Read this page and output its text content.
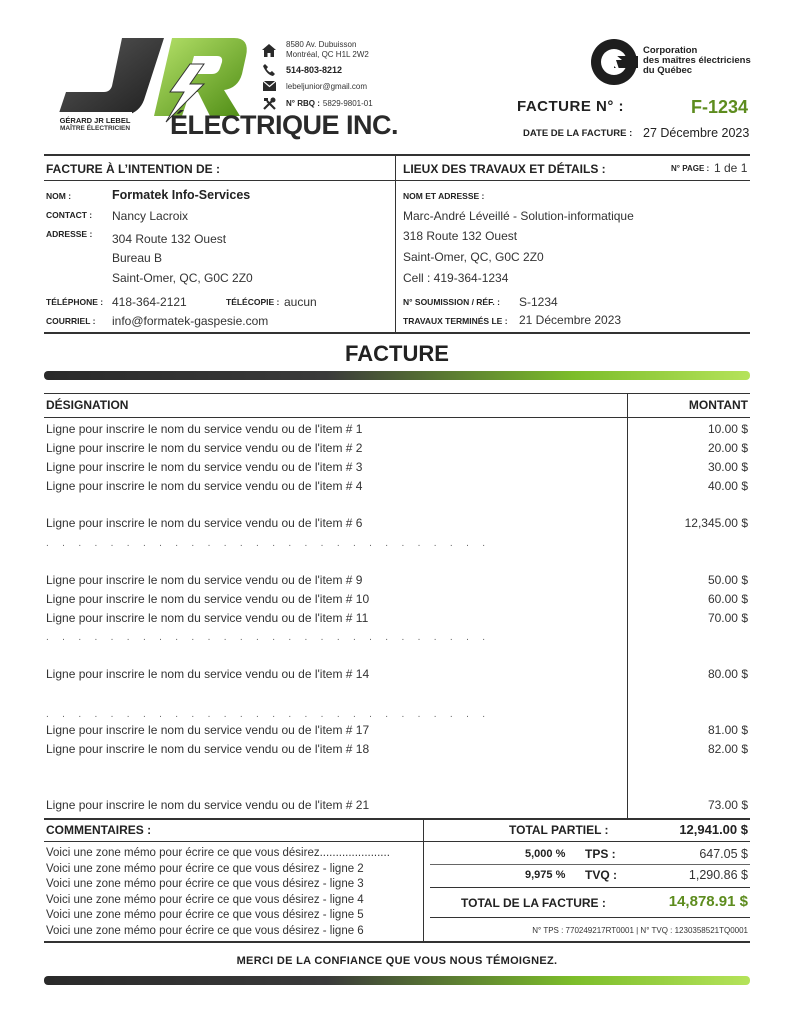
GÉRARD JR LEBEL
MAÎTRE ÉLECTRICIEN	ÉLECTRIQUE INC.
8580 Av. Dubuisson
Montréal, QC H1L 2W2
514-803-8212
lebeljunior@gmail.com
N° RBQ : 5829-9801-01
Corporation
des maîtres électriciens
du Québec
FACTURE N° :	F-1234
DATE DE LA FACTURE : 27 Décembre 2023
FACTURE À L’INTENTION DE :	LIEUX DES TRAVAUX ET DÉTAILS :	N° PAGE : 1 de 1
NOM :	Formatek Info-Services
CONTACT : Nancy Lacroix
ADRESSE : 304 Route 132 Ouest
Bureau B
Saint-Omer, QC, G0C 2Z0
TÉLÉPHONE : 418-364-2121	TÉLÉCOPIE : aucun
COURRIEL : info@formatek-gaspesie.com
NOM ET ADRESSE :
Marc-André Léveillé - Solution-informatique
318 Route 132 Ouest
Saint-Omer, QC, G0C 2Z0
Cell : 419-364-1234
N° SOUMISSION / RÉF. : S-1234
TRAVAUX TERMINÉS LE : 21 Décembre 2023
FACTURE
DÉSIGNATION	MONTANT
Ligne pour inscrire le nom du service vendu ou de l'item # 1	10.00 $
Ligne pour inscrire le nom du service vendu ou de l'item # 2	20.00 $
Ligne pour inscrire le nom du service vendu ou de l'item # 3	30.00 $
Ligne pour inscrire le nom du service vendu ou de l'item # 4	40.00 $
Ligne pour inscrire le nom du service vendu ou de l'item # 6	12,345.00 $
. . . . . . . . . . . . . . . . . . . . . . . . . . . .
Ligne pour inscrire le nom du service vendu ou de l'item # 9	50.00 $
Ligne pour inscrire le nom du service vendu ou de l'item # 10	60.00 $
Ligne pour inscrire le nom du service vendu ou de l'item # 11	70.00 $
. . . . . . . . . . . . . . . . . . . . . . . . . . . .
Ligne pour inscrire le nom du service vendu ou de l'item # 14	80.00 $
. . . . . . . . . . . . . . . . . . . . . . . . . . . .
Ligne pour inscrire le nom du service vendu ou de l'item # 17	81.00 $
Ligne pour inscrire le nom du service vendu ou de l'item # 18	82.00 $
Ligne pour inscrire le nom du service vendu ou de l'item # 21	73.00 $
COMMENTAIRES :
Voici une zone mémo pour écrire ce que vous désirez......................
Voici une zone mémo pour écrire ce que vous désirez - ligne 2
Voici une zone mémo pour écrire ce que vous désirez - ligne 3
Voici une zone mémo pour écrire ce que vous désirez - ligne 4
Voici une zone mémo pour écrire ce que vous désirez - ligne 5
Voici une zone mémo pour écrire ce que vous désirez - ligne 6
TOTAL PARTIEL :	12,941.00 $
5,000 % TPS :	647.05 $
9,975 % TVQ :	1,290.86 $
TOTAL DE LA FACTURE :	14,878.91 $
N° TPS : 770249217RT0001 | N° TVQ : 1230358521TQ0001
MERCI DE LA CONFIANCE QUE VOUS NOUS TÉMOIGNEZ.
